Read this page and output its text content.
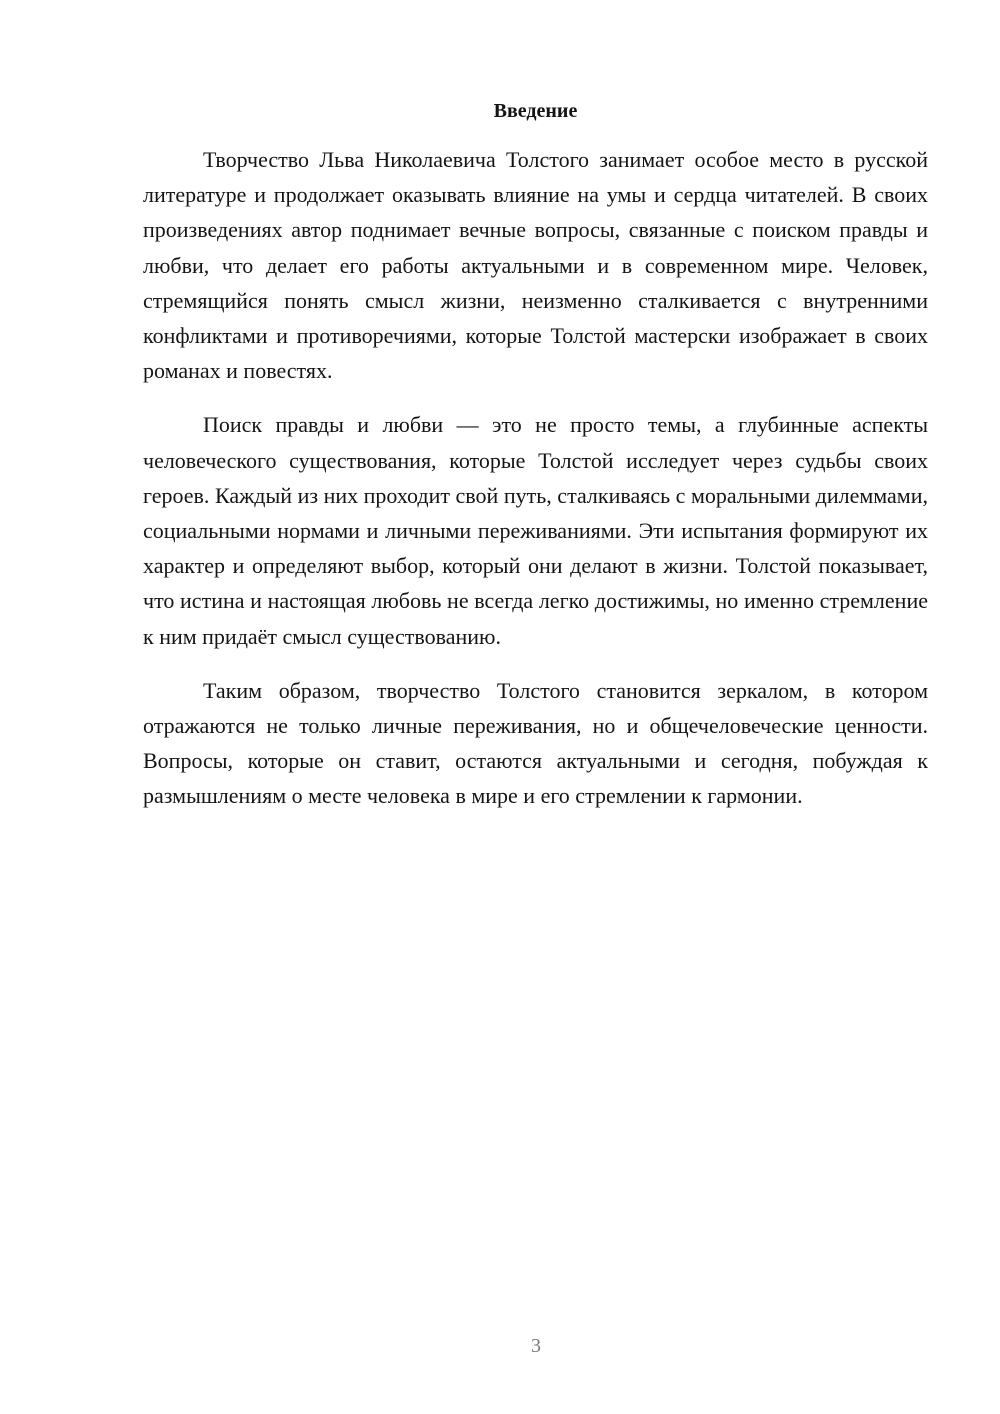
Введение

Творчество Льва Николаевича Толстого занимает особое место в русской литературе и продолжает оказывать влияние на умы и сердца читателей. В своих произведениях автор поднимает вечные вопросы, связанные с поиском правды и любви, что делает его работы актуальными и в современном мире. Человек, стремящийся понять смысл жизни, неизменно сталкивается с внутренними конфликтами и противоречиями, которые Толстой мастерски изображает в своих романах и повестях.

Поиск правды и любви — это не просто темы, а глубинные аспекты человеческого существования, которые Толстой исследует через судьбы своих героев. Каждый из них проходит свой путь, сталкиваясь с моральными дилеммами, социальными нормами и личными переживаниями. Эти испытания формируют их характер и определяют выбор, который они делают в жизни. Толстой показывает, что истина и настоящая любовь не всегда легко достижимы, но именно стремление к ним придаёт смысл существованию.

Таким образом, творчество Толстого становится зеркалом, в котором отражаются не только личные переживания, но и общечеловеческие ценности. Вопросы, которые он ставит, остаются актуальными и сегодня, побуждая к размышлениям о месте человека в мире и его стремлении к гармонии.

3
